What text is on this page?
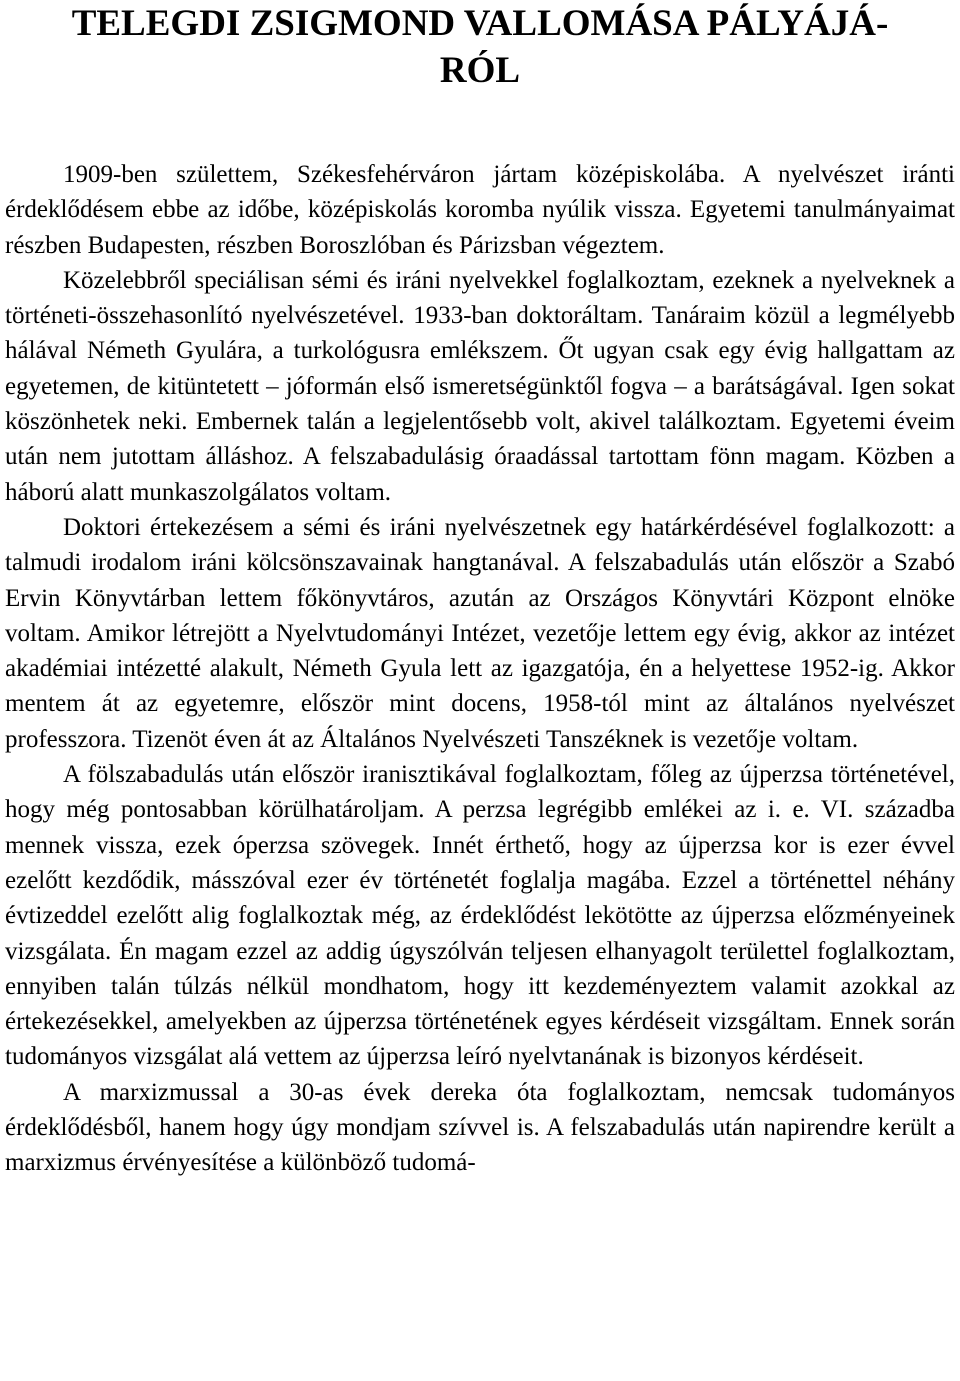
TELEGDI ZSIGMOND VALLOMÁSA PÁLYÁJÁ-
RÓL

1909-ben születtem, Székesfehérváron jártam középiskolába. A nyelvészet iránti érdeklődésem ebbe az időbe, középiskolás koromba nyúlik vissza. Egyetemi tanulmányaimat részben Budapesten, részben Boroszlóban és Párizsban végeztem.

Közelebbről speciálisan sémi és iráni nyelvekkel foglalkoztam, ezeknek a nyelveknek a történeti-összehasonlító nyelvészetével. 1933-ban doktoráltam. Tanáraim közül a legmélyebb hálával Németh Gyulára, a turkológusra emlékszem. Őt ugyan csak egy évig hallgattam az egyetemen, de kitüntetett – jóformán első ismeretségünktől fogva – a barátságával. Igen sokat köszönhetek neki. Embernek talán a legjelentősebb volt, akivel találkoztam. Egyetemi éveim után nem jutottam álláshoz. A felszabadulásig óraadással tartottam fönn magam. Közben a háború alatt munkaszolgálatos voltam.

Doktori értekezésem a sémi és iráni nyelvészetnek egy határkérdésével foglalkozott: a talmudi irodalom iráni kölcsönszavainak hangtanával. A felszabadulás után először a Szabó Ervin Könyvtárban lettem főkönyvtáros, azután az Országos Könyvtári Központ elnöke voltam. Amikor létrejött a Nyelvtudományi Intézet, vezetője lettem egy évig, akkor az intézet akadémiai intézetté alakult, Németh Gyula lett az igazgatója, én a helyettese 1952-ig. Akkor mentem át az egyetemre, először mint docens, 1958-tól mint az általános nyelvészet professzora. Tizenöt éven át az Általános Nyelvészeti Tanszéknek is vezetője voltam.

A fölszabadulás után először iranisztikával foglalkoztam, főleg az újperzsa történetével, hogy még pontosabban körülhatároljam. A perzsa legrégibb emlékei az i. e. VI. századba mennek vissza, ezek óperzsa szövegek. Innét érthető, hogy az újperzsa kor is ezer évvel ezelőtt kezdődik, másszóval ezer év történetét foglalja magába. Ezzel a történettel néhány évtizeddel ezelőtt alig foglalkoztak még, az érdeklődést lekötötte az újperzsa előzményeinek vizsgálata. Én magam ezzel az addig úgyszólván teljesen elhanyagolt területtel foglalkoztam, ennyiben talán túlzás nélkül mondhatom, hogy itt kezdeményeztem valamit azokkal az értekezésekkel, amelyekben az újperzsa történetének egyes kérdéseit vizsgáltam. Ennek során tudományos vizsgálat alá vettem az újperzsa leíró nyelvtanának is bizonyos kérdéseit.

A marxizmussal a 30-as évek dereka óta foglalkoztam, nemcsak tudományos érdeklődésből, hanem hogy úgy mondjam szívvel is. A felszabadulás után napirendre került a marxizmus érvényesítése a különböző tudomá-
